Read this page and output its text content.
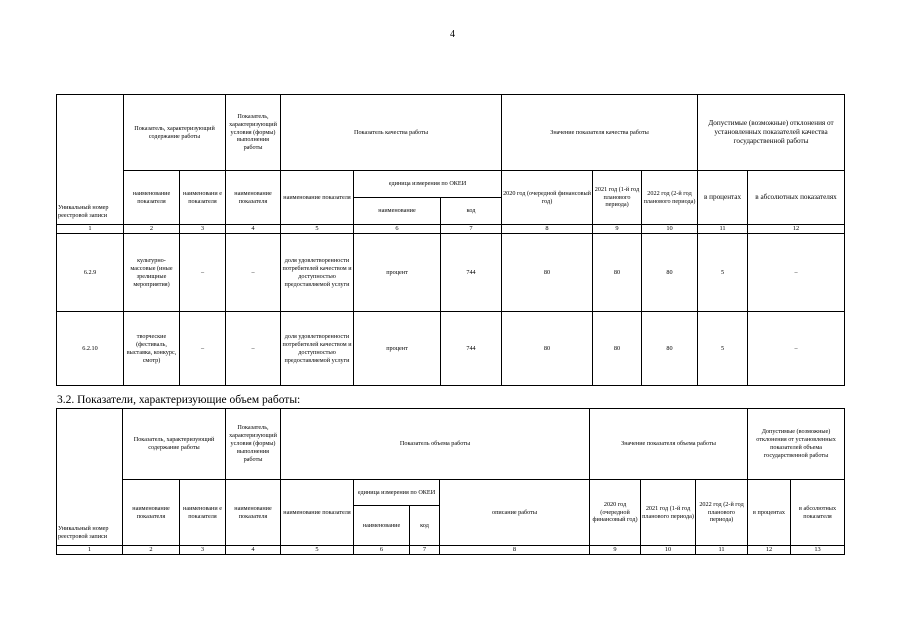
4
Уникальный номер реестровой записи	Показатель, характеризующий содержание работы		Показатель, характеризующий условия (формы) выполнения работы	Показатель качества работы			Значение показателя качества работы			Допустимые (возможные) отклонения от установленных показателей качества государственной работы	
	наименование показателя	наименовани е показателя	наименование показателя	наименование показателя	единица измерения по ОКЕИ		2020 год (очередной финансовый год)	2021 год (1-й год планового периода)	2022 год (2-й год планового периода)	в процентах	в абсолютных показателях
					наименование	код					
1	2	3	4	5	6	7	8	9	10	11	12
6.2.9	культурно-массовые (иные зрелищные мероприятия)	–	–	доля удовлетворенности потребителей качеством и доступностью предоставляемой услуги	процент	744	80	80	80	5	–
6.2.10	творческие (фестиваль, выставка, конкурс, смотр)	–	–	доля удовлетворенности потребителей качеством и доступностью предоставляемой услуги	процент	744	80	80	80	5	–
3.2. Показатели, характеризующие объем работы:
Уникальный номер реестровой записи	Показатель, характеризующий содержание работы		Показатель, характеризующий условия (формы) выполнения работы	Показатель объема работы				Значение показателя объема работы			Допустимые (возможные) отклонения от установленных показателей объема государственной работы	
	наименование показателя	наименовани е показателя	наименование показателя	наименование показателя	единица измерения по ОКЕИ		описание работы	2020 год (очередной финансовый год)	2021 год (1-й год планового периода)	2022 год (2-й год планового периода)	в процентах	в абсолютных показателя
					наименование	код						
1	2	3	4	5	6	7	8	9	10	11	12	13
